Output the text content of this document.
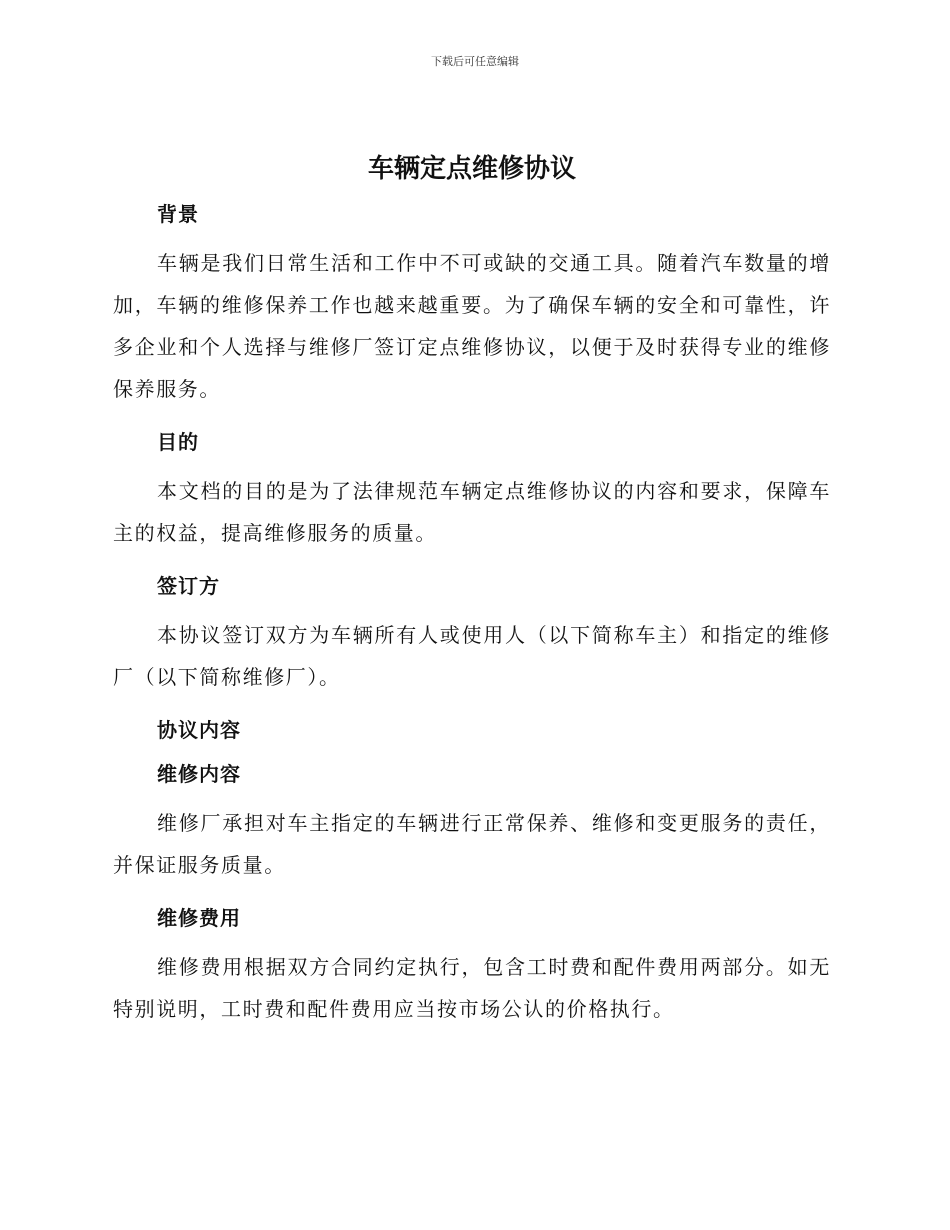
下载后可任意编辑
车辆定点维修协议
背景

车辆是我们日常生活和工作中不可或缺的交通工具。随着汽车数量的增加，车辆的维修保养工作也越来越重要。为了确保车辆的安全和可靠性，许多企业和个人选择与维修厂签订定点维修协议，以便于及时获得专业的维修保养服务。

目的

本文档的目的是为了法律规范车辆定点维修协议的内容和要求，保障车主的权益，提高维修服务的质量。

签订方

本协议签订双方为车辆所有人或使用人（以下简称车主）和指定的维修厂（以下简称维修厂）。

协议内容
维修内容

维修厂承担对车主指定的车辆进行正常保养、维修和变更服务的责任，并保证服务质量。

维修费用

维修费用根据双方合同约定执行，包含工时费和配件费用两部分。如无特别说明，工时费和配件费用应当按市场公认的价格执行。
